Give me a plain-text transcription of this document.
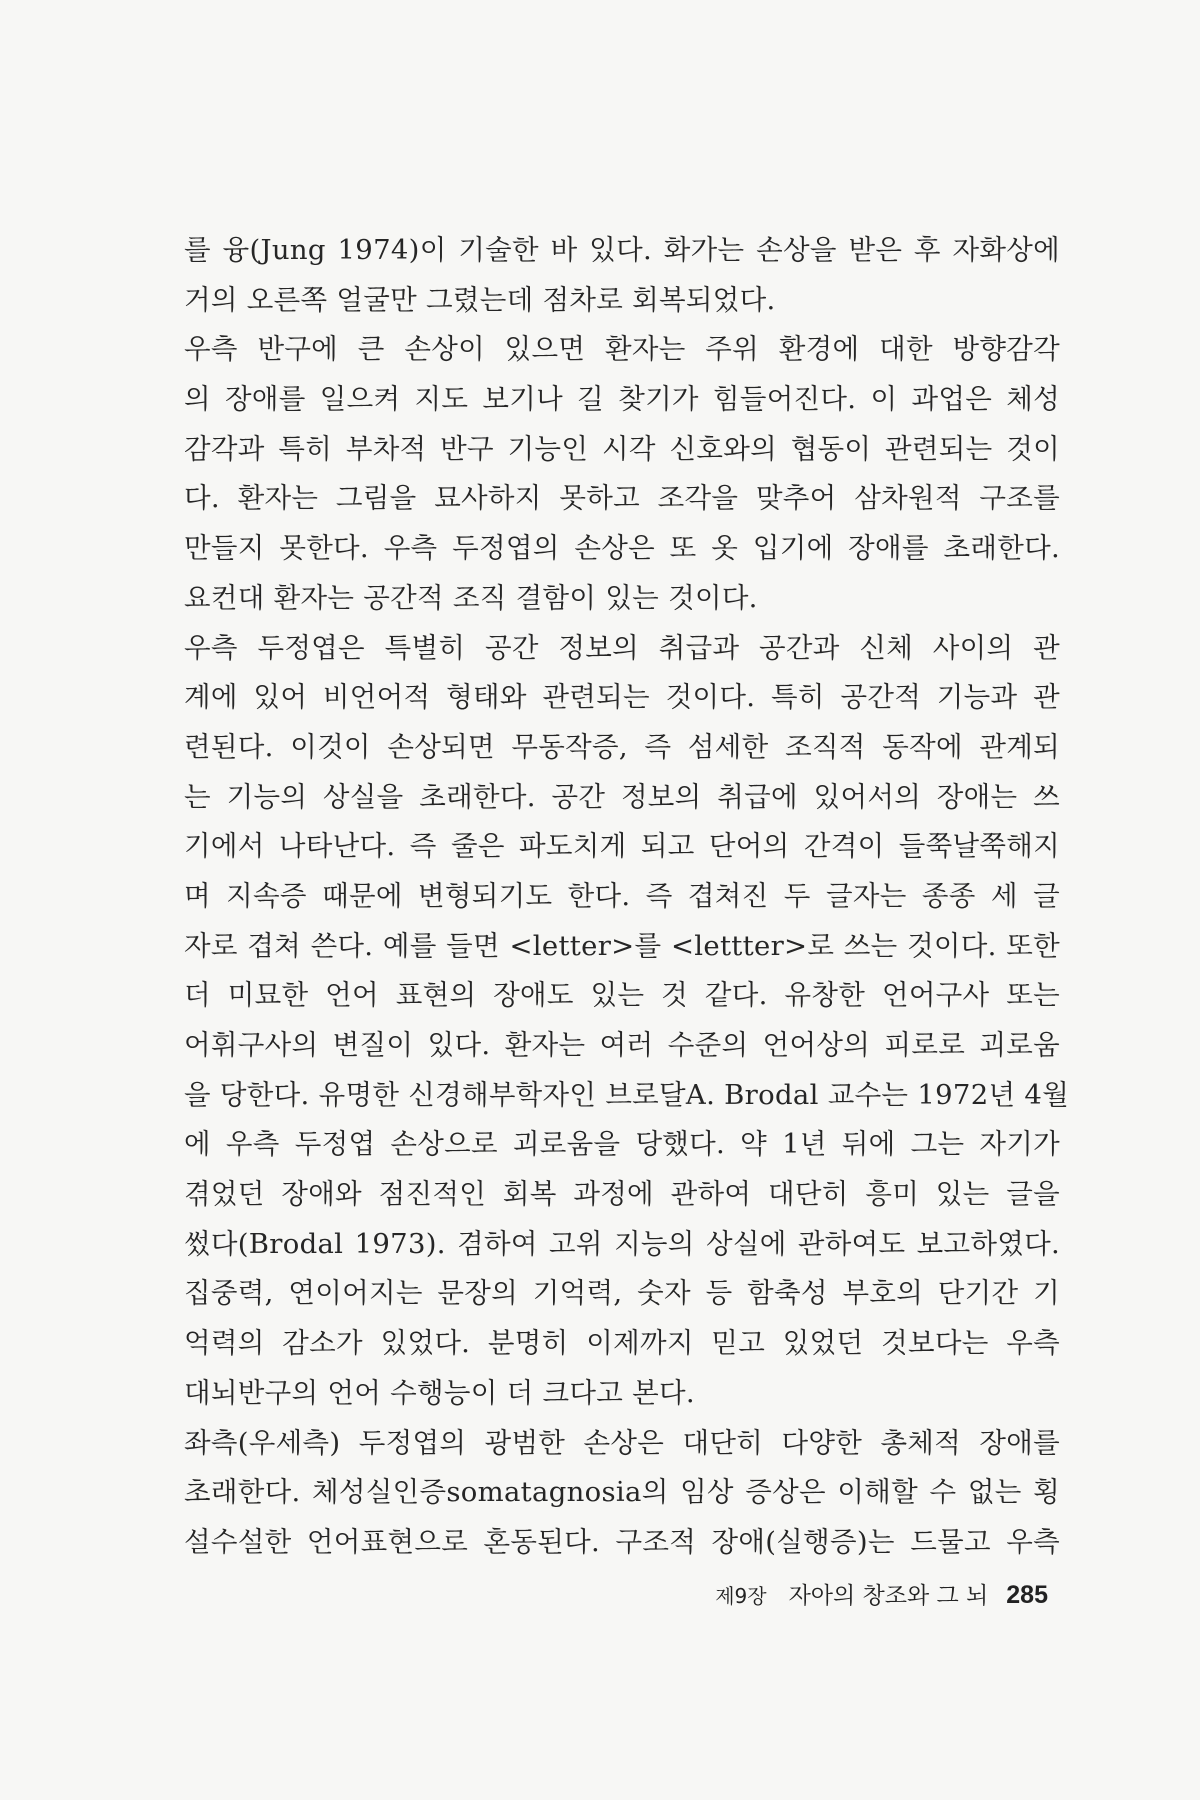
를 융(Jung 1974)이 기술한 바 있다. 화가는 손상을 받은 후 자화상에
거의 오른쪽 얼굴만 그렸는데 점차로 회복되었다.
우측 반구에 큰 손상이 있으면 환자는 주위 환경에 대한 방향감각
의 장애를 일으켜 지도 보기나 길 찾기가 힘들어진다. 이 과업은 체성
감각과 특히 부차적 반구 기능인 시각 신호와의 협동이 관련되는 것이
다. 환자는 그림을 묘사하지 못하고 조각을 맞추어 삼차원적 구조를
만들지 못한다. 우측 두정엽의 손상은 또 옷 입기에 장애를 초래한다.
요컨대 환자는 공간적 조직 결함이 있는 것이다.
우측 두정엽은 특별히 공간 정보의 취급과 공간과 신체 사이의 관
계에 있어 비언어적 형태와 관련되는 것이다. 특히 공간적 기능과 관
련된다. 이것이 손상되면 무동작증, 즉 섬세한 조직적 동작에 관계되
는 기능의 상실을 초래한다. 공간 정보의 취급에 있어서의 장애는 쓰
기에서 나타난다. 즉 줄은 파도치게 되고 단어의 간격이 들쭉날쭉해지
며 지속증 때문에 변형되기도 한다. 즉 겹쳐진 두 글자는 종종 세 글
자로 겹쳐 쓴다. 예를 들면 <letter>를 <lettter>로 쓰는 것이다. 또한
더 미묘한 언어 표현의 장애도 있는 것 같다. 유창한 언어구사 또는
어휘구사의 변질이 있다. 환자는 여러 수준의 언어상의 피로로 괴로움
을 당한다. 유명한 신경해부학자인 브로달A. Brodal 교수는 1972년 4월
에 우측 두정엽 손상으로 괴로움을 당했다. 약 1년 뒤에 그는 자기가
겪었던 장애와 점진적인 회복 과정에 관하여 대단히 흥미 있는 글을
썼다(Brodal 1973). 겸하여 고위 지능의 상실에 관하여도 보고하였다.
집중력, 연이어지는 문장의 기억력, 숫자 등 함축성 부호의 단기간 기
억력의 감소가 있었다. 분명히 이제까지 믿고 있었던 것보다는 우측
대뇌반구의 언어 수행능이 더 크다고 본다.
좌측(우세측) 두정엽의 광범한 손상은 대단히 다양한 총체적 장애를
초래한다. 체성실인증somatagnosia의 임상 증상은 이해할 수 없는 횡
설수설한 언어표현으로 혼동된다. 구조적 장애(실행증)는 드물고 우측
제9장 자아의 창조와 그 뇌 285
